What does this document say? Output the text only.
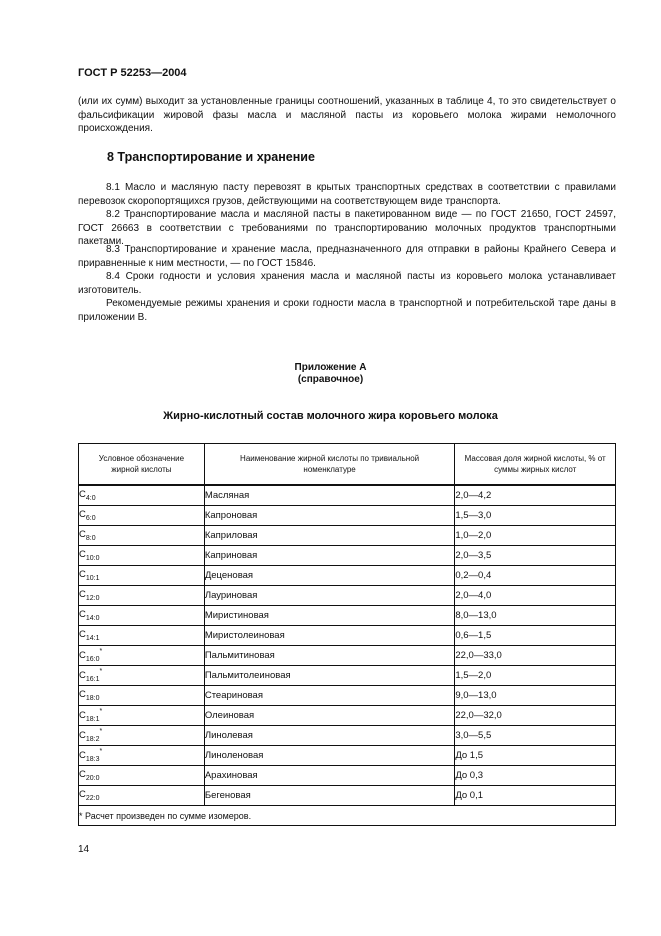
ГОСТ Р 52253—2004
(или их сумм) выходит за установленные границы соотношений, указанных в таблице 4, то это свидетельствует о фальсификации жировой фазы масла и масляной пасты из коровьего молока жирами немолочного происхождения.
8 Транспортирование и хранение
8.1 Масло и масляную пасту перевозят в крытых транспортных средствах в соответствии с правилами перевозок скоропортящихся грузов, действующими на соответствующем виде транспорта.
8.2 Транспортирование масла и масляной пасты в пакетированном виде — по ГОСТ 21650, ГОСТ 24597, ГОСТ 26663 в соответствии с требованиями по транспортированию молочных продуктов транспортными пакетами.
8.3 Транспортирование и хранение масла, предназначенного для отправки в районы Крайнего Севера и приравненные к ним местности, — по ГОСТ 15846.
8.4 Сроки годности и условия хранения масла и масляной пасты из коровьего молока устанавливает изготовитель.
Рекомендуемые режимы хранения и сроки годности масла в транспортной и потребительской таре даны в приложении В.
Приложение А
(справочное)
Жирно-кислотный состав молочного жира коровьего молока
Условное обозначение жирной кислоты	Наименование жирной кислоты по тривиальной номенклатуре	Массовая доля жирной кислоты, % от суммы жирных кислот
$C_{4:0}$	Масляная	2,0—4,2
$C_{6:0}$	Капроновая	1,5—3,0
$C_{8:0}$	Каприловая	1,0—2,0
$C_{10:0}$	Каприновая	2,0—3,5
$C_{10:1}$	Деценовая	0,2—0,4
$C_{12:0}$	Лауриновая	2,0—4,0
$C_{14:0}$	Миристиновая	8,0—13,0
$C_{14:1}$	Миристолеиновая	0,6—1,5
$C_{16:0}^*$	Пальмитиновая	22,0—33,0
$C_{16:1}^*$	Пальмитолеиновая	1,5—2,0
$C_{18:0}$	Стеариновая	9,0—13,0
$C_{18:1}^*$	Олеиновая	22,0—32,0
$C_{18:2}^*$	Линолевая	3,0—5,5
$C_{18:3}^*$	Линоленовая	До 1,5
$C_{20:0}$	Арахиновая	До 0,3
$C_{22:0}$	Бегеновая	До 0,1
* Расчет произведен по сумме изомеров.		
14
